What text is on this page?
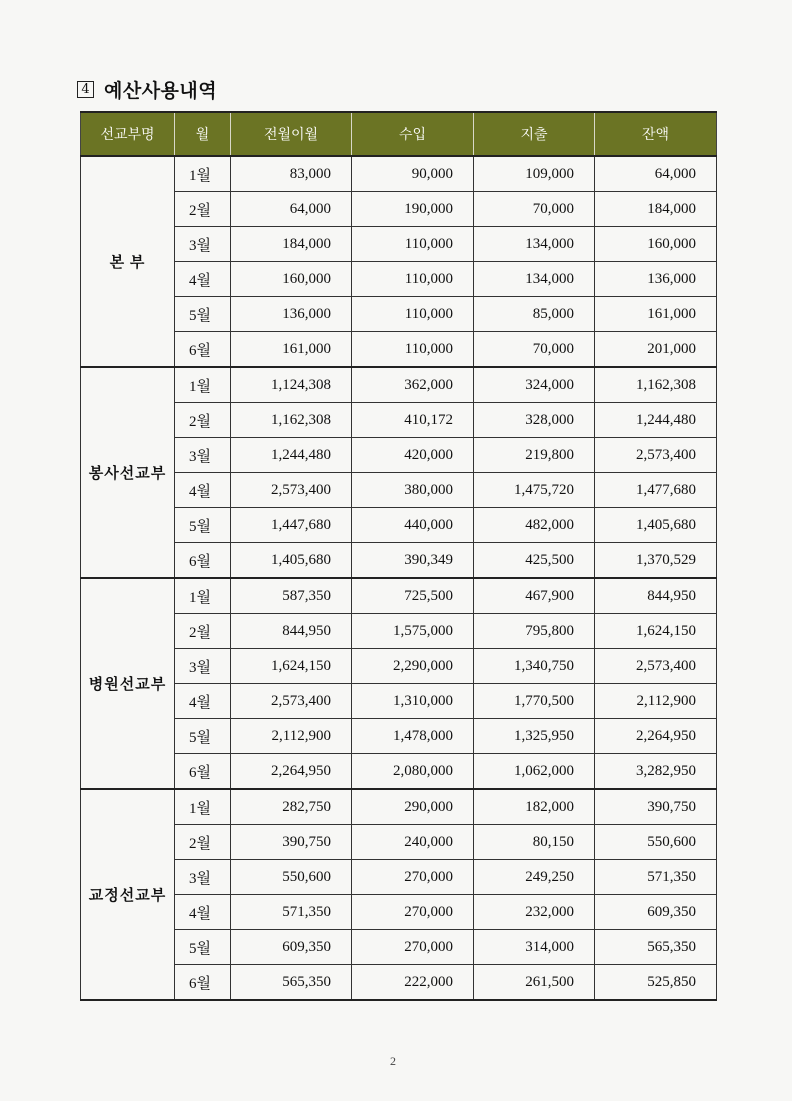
4 예산사용내역
선교부명	월	전월이월	수입	지출	잔액
본 부	1월	83,000	90,000	109,000	64,000
	2월	64,000	190,000	70,000	184,000
	3월	184,000	110,000	134,000	160,000
	4월	160,000	110,000	134,000	136,000
	5월	136,000	110,000	85,000	161,000
	6월	161,000	110,000	70,000	201,000
봉사선교부	1월	1,124,308	362,000	324,000	1,162,308
	2월	1,162,308	410,172	328,000	1,244,480
	3월	1,244,480	420,000	219,800	2,573,400
	4월	2,573,400	380,000	1,475,720	1,477,680
	5월	1,447,680	440,000	482,000	1,405,680
	6월	1,405,680	390,349	425,500	1,370,529
병원선교부	1월	587,350	725,500	467,900	844,950
	2월	844,950	1,575,000	795,800	1,624,150
	3월	1,624,150	2,290,000	1,340,750	2,573,400
	4월	2,573,400	1,310,000	1,770,500	2,112,900
	5월	2,112,900	1,478,000	1,325,950	2,264,950
	6월	2,264,950	2,080,000	1,062,000	3,282,950
교정선교부	1월	282,750	290,000	182,000	390,750
	2월	390,750	240,000	80,150	550,600
	3월	550,600	270,000	249,250	571,350
	4월	571,350	270,000	232,000	609,350
	5월	609,350	270,000	314,000	565,350
	6월	565,350	222,000	261,500	525,850
2
